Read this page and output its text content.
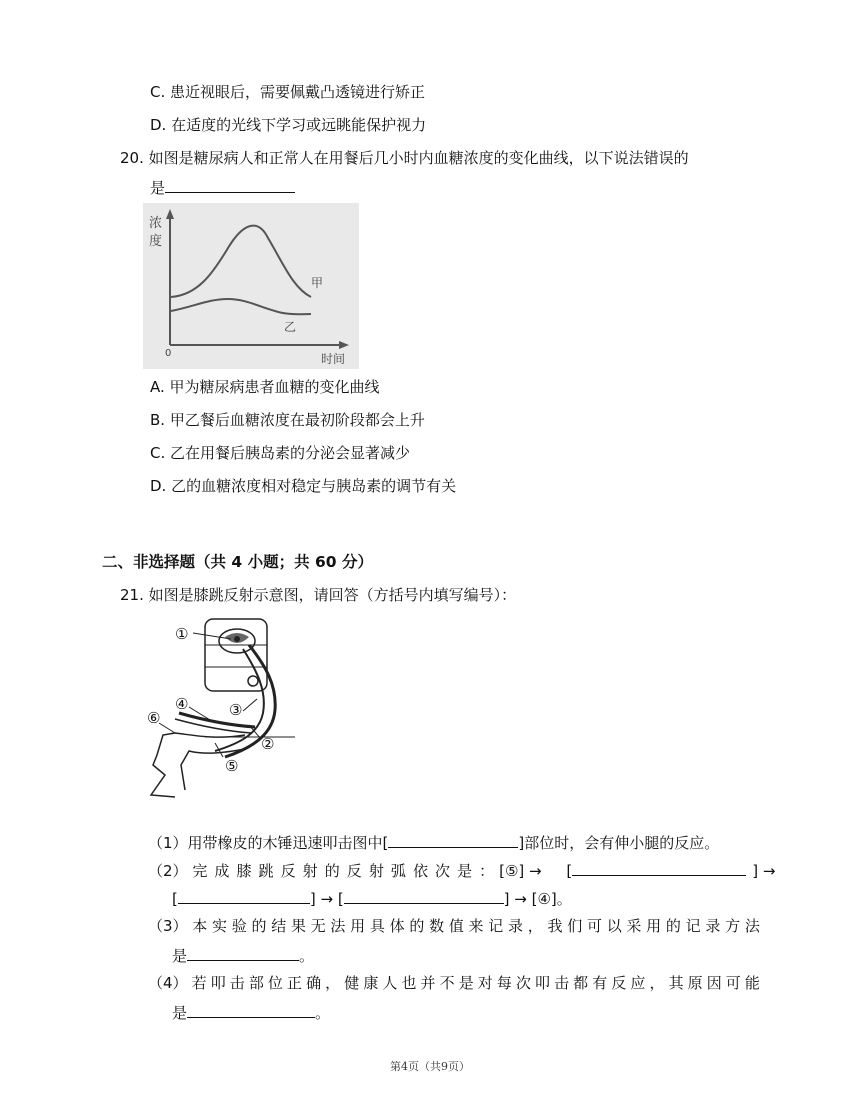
C. 患近视眼后，需要佩戴凸透镜进行矫正
D. 在适度的光线下学习或远眺能保护视力
20. 如图是糖尿病人和正常人在用餐后几小时内血糖浓度的变化曲线，以下说法错误的
是
浓
度
0	时间
甲
乙
A. 甲为糖尿病患者血糖的变化曲线
B. 甲乙餐后血糖浓度在最初阶段都会上升
C. 乙在用餐后胰岛素的分泌会显著减少
D. 乙的血糖浓度相对稳定与胰岛素的调节有关
二、非选择题（共 4 小题；共 60 分）
21. 如图是膝跳反射示意图，请回答（方括号内填写编号）：
①
②
③
④
⑤
⑥
（1）用带橡皮的木锤迅速叩击图中[	]部位时，会有伸小腿的反应。
（2） 完 成 膝 跳 反 射 的 反 射 弧 依 次 是 ： [⑤] → [	] →
[	] → [	] → [④]。
（3） 本 实 验 的 结 果 无 法 用 具 体 的 数 值 来 记 录 ， 我 们 可 以 采 用 的 记 录 方 法
是	。
（4） 若 叩 击 部 位 正 确 ， 健 康 人 也 并 不 是 对 每 次 叩 击 都 有 反 应 ， 其 原 因 可 能
是	。
第4页（共9页）
